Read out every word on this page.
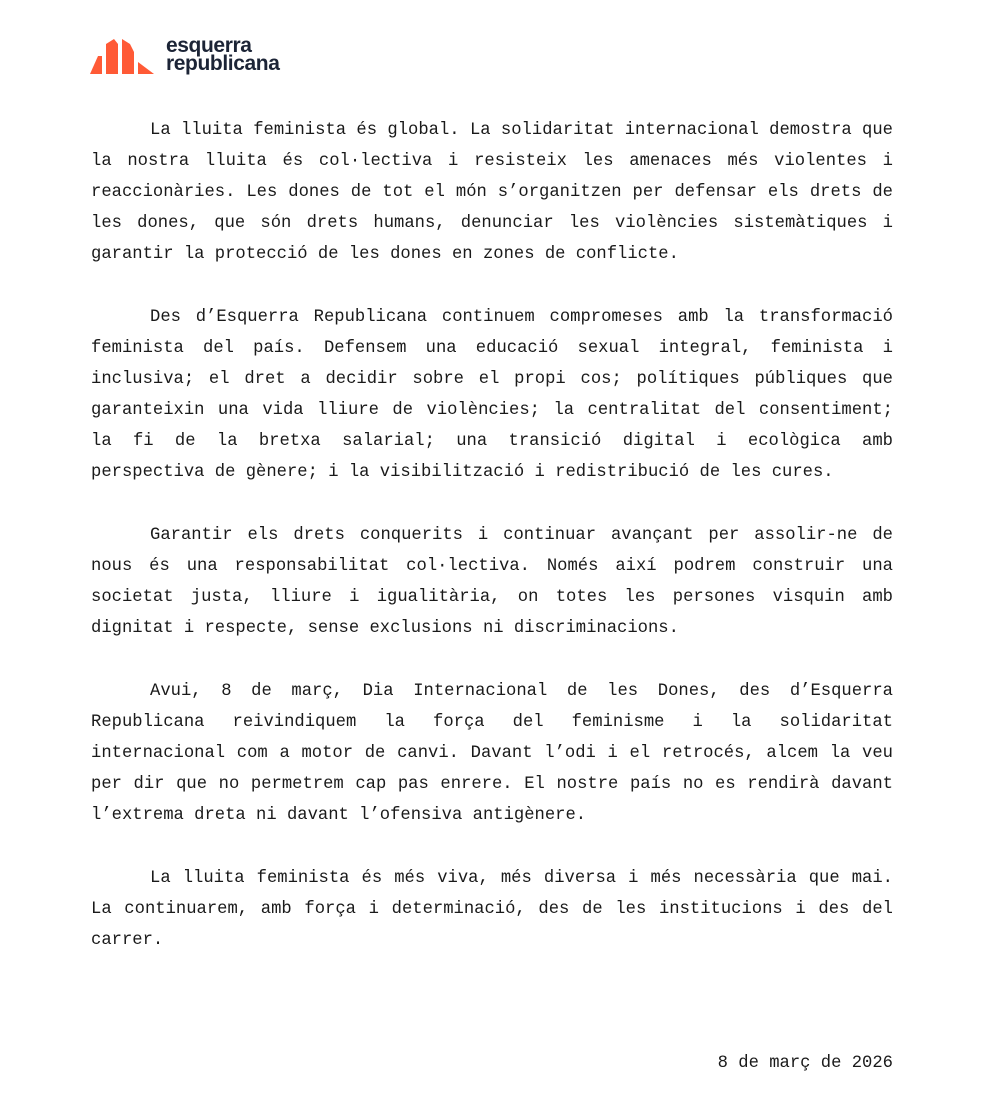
esquerra
republicana

La lluita feminista és global. La solidaritat internacional demostra que la nostra lluita és col·lectiva i resisteix les amenaces més violentes i reaccionàries. Les dones de tot el món s’organitzen per defensar els drets de les dones, que són drets humans, denunciar les violències sistemàtiques i garantir la protecció de les dones en zones de conflicte.

Des d’Esquerra Republicana continuem compromeses amb la transformació feminista del país. Defensem una educació sexual integral, feminista i inclusiva; el dret a decidir sobre el propi cos; polítiques públiques que garanteixin una vida lliure de violències; la centralitat del consentiment; la fi de la bretxa salarial; una transició digital i ecològica amb perspectiva de gènere; i la visibilització i redistribució de les cures.

Garantir els drets conquerits i continuar avançant per assolir-ne de nous és una responsabilitat col·lectiva. Només així podrem construir una societat justa, lliure i igualitària, on totes les persones visquin amb dignitat i respecte, sense exclusions ni discriminacions.

Avui, 8 de març, Dia Internacional de les Dones, des d’Esquerra Republicana reivindiquem la força del feminisme i la solidaritat internacional com a motor de canvi. Davant l’odi i el retrocés, alcem la veu per dir que no permetrem cap pas enrere. El nostre país no es rendirà davant l’extrema dreta ni davant l’ofensiva antigènere.

La lluita feminista és més viva, més diversa i més necessària que mai. La continuarem, amb força i determinació, des de les institucions i des del carrer.

8 de març de 2026
